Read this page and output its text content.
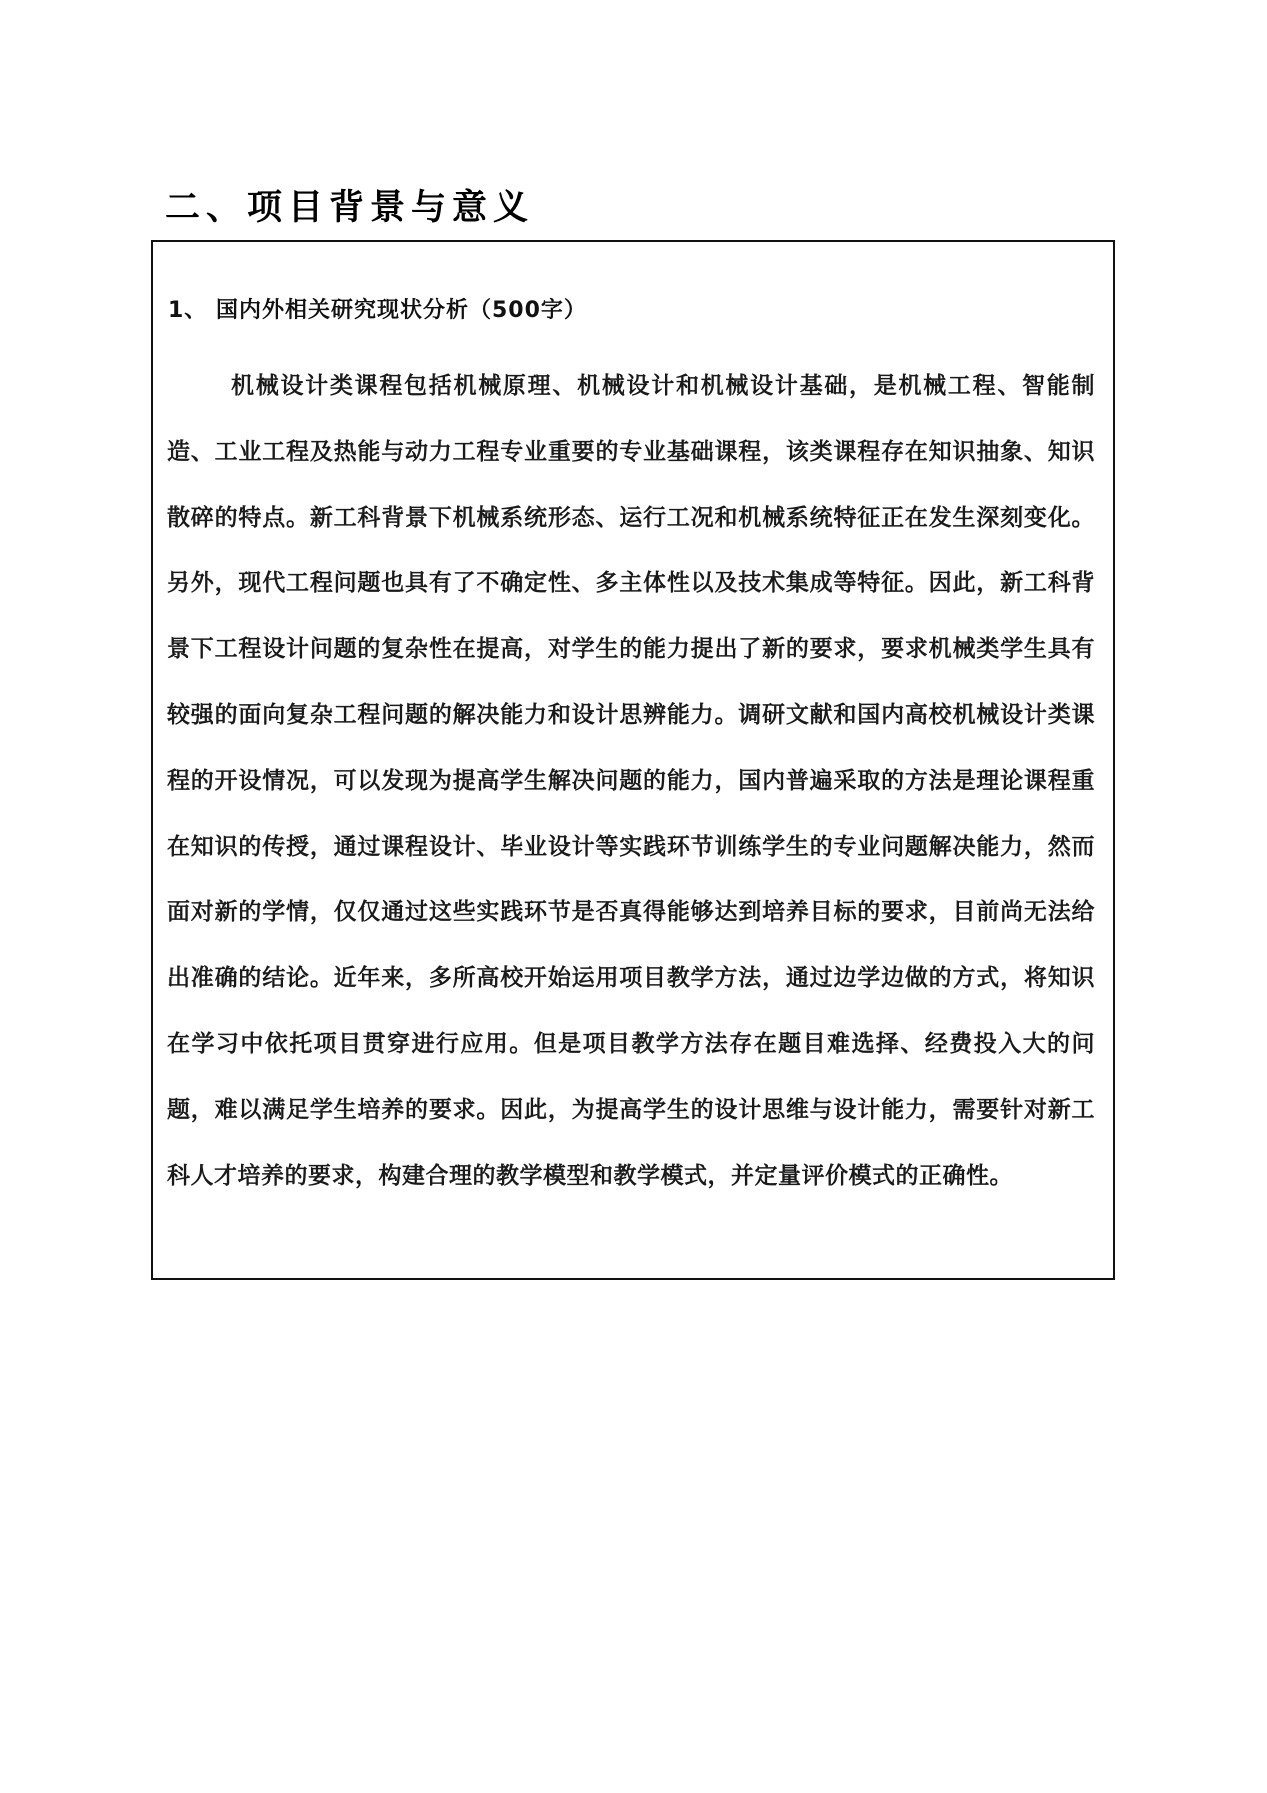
二、项目背景与意义
1、 国内外相关研究现状分析（500字）

机械设计类课程包括机械原理、机械设计和机械设计基础，是机械工程、智能制造、工业工程及热能与动力工程专业重要的专业基础课程，该类课程存在知识抽象、知识散碎的特点。新工科背景下机械系统形态、运行工况和机械系统特征正在发生深刻变化。另外，现代工程问题也具有了不确定性、多主体性以及技术集成等特征。因此，新工科背景下工程设计问题的复杂性在提高，对学生的能力提出了新的要求，要求机械类学生具有较强的面向复杂工程问题的解决能力和设计思辨能力。调研文献和国内高校机械设计类课程的开设情况，可以发现为提高学生解决问题的能力，国内普遍采取的方法是理论课程重在知识的传授，通过课程设计、毕业设计等实践环节训练学生的专业问题解决能力，然而面对新的学情，仅仅通过这些实践环节是否真得能够达到培养目标的要求，目前尚无法给出准确的结论。近年来，多所高校开始运用项目教学方法，通过边学边做的方式，将知识在学习中依托项目贯穿进行应用。但是项目教学方法存在题目难选择、经费投入大的问题，难以满足学生培养的要求。因此，为提高学生的设计思维与设计能力，需要针对新工科人才培养的要求，构建合理的教学模型和教学模式，并定量评价模式的正确性。
